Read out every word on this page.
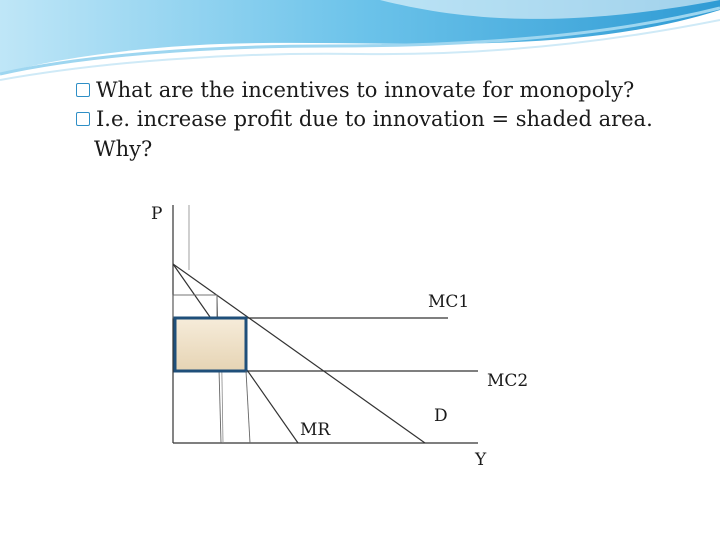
What are the incentives to innovate for monopoly?
I.e. increase profit due to innovation = shaded area.
Why?
P
Y
MC1
MC2
MR
D
